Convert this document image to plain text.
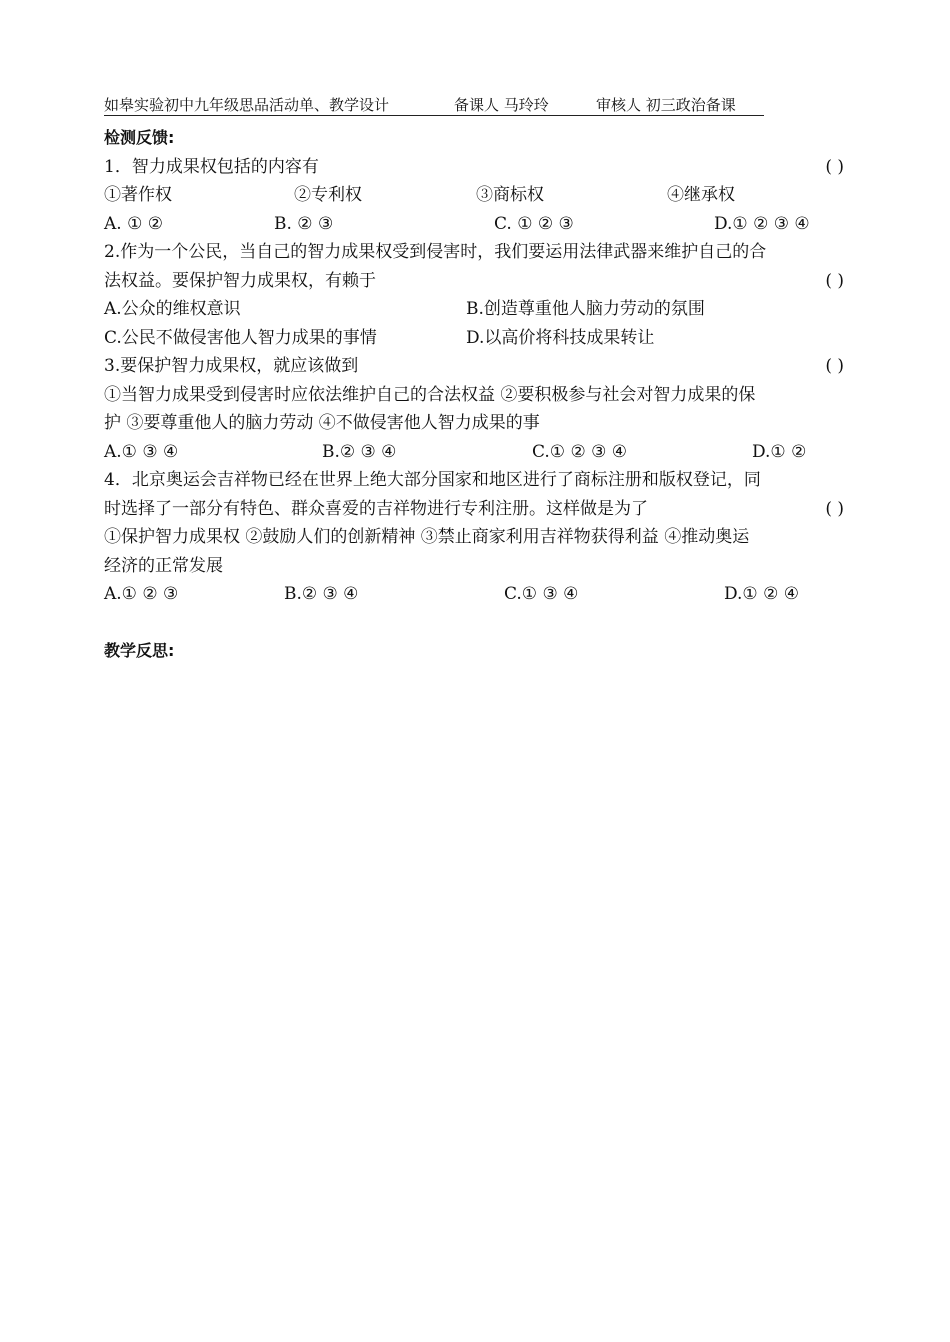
如皋实验初中九年级思品活动单、教学设计	备课人 马玲玲	审核人 初三政治备课
检测反馈:
1．智力成果权包括的内容有	( )
①著作权	②专利权	③商标权	④继承权
A. ① ②	B. ② ③	C. ① ② ③	D.① ② ③ ④
2.作为一个公民，当自己的智力成果权受到侵害时，我们要运用法律武器来维护自己的合
法权益。要保护智力成果权，有赖于	( )
A.公众的维权意识	B.创造尊重他人脑力劳动的氛围
C.公民不做侵害他人智力成果的事情	D.以高价将科技成果转让
3.要保护智力成果权，就应该做到	( )
①当智力成果受到侵害时应依法维护自己的合法权益 ②要积极参与社会对智力成果的保
护 ③要尊重他人的脑力劳动 ④不做侵害他人智力成果的事
A.① ③ ④	B.② ③ ④	C.① ② ③ ④	D.① ②
4．北京奥运会吉祥物已经在世界上绝大部分国家和地区进行了商标注册和版权登记，同
时选择了一部分有特色、群众喜爱的吉祥物进行专利注册。这样做是为了	( )
①保护智力成果权 ②鼓励人们的创新精神 ③禁止商家利用吉祥物获得利益 ④推动奥运
经济的正常发展
A.① ② ③	B.② ③ ④	C.① ③ ④	D.① ② ④
教学反思:
